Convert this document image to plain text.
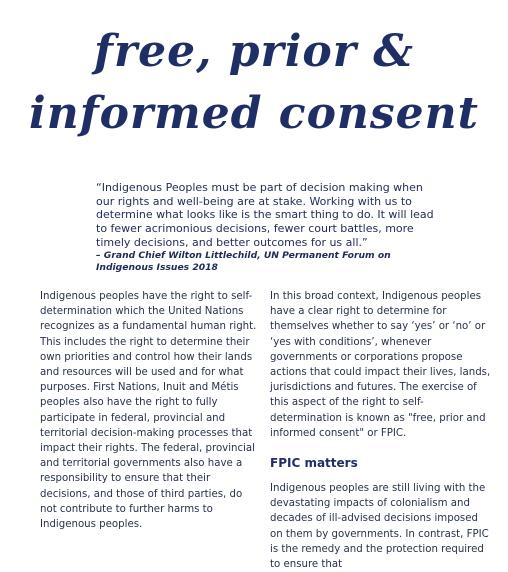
free, prior &
informed consent
“Indigenous Peoples must be part of decision making when our rights and well-being are at stake. Working with us to determine what looks like is the smart thing to do. It will lead to fewer acrimonious decisions, fewer court battles, more timely decisions, and better outcomes for us all.”
– Grand Chief Wilton Littlechild, UN Permanent Forum on Indigenous Issues 2018

Indigenous peoples have the right to self-determination which the United Nations recognizes as a fundamental human right. This includes the right to determine their own priorities and control how their lands and resources will be used and for what purposes. First Nations, Inuit and Métis peoples also have the right to fully participate in federal, provincial and territorial decision-making processes that impact their rights. The federal, provincial and territorial governments also have a responsibility to ensure that their decisions, and those of third parties, do not contribute to further harms to Indigenous peoples.

In this broad context, Indigenous peoples have a clear right to determine for themselves whether to say ‘yes’ or ‘no’ or ‘yes with conditions’, whenever governments or corporations propose actions that could impact their lives, lands, jurisdictions and futures. The exercise of this aspect of the right to self-determination is known as "free, prior and informed consent" or FPIC.

FPIC matters

Indigenous peoples are still living with the devastating impacts of colonialism and decades of ill-advised decisions imposed on them by governments. In contrast, FPIC is the remedy and the protection required to ensure that
